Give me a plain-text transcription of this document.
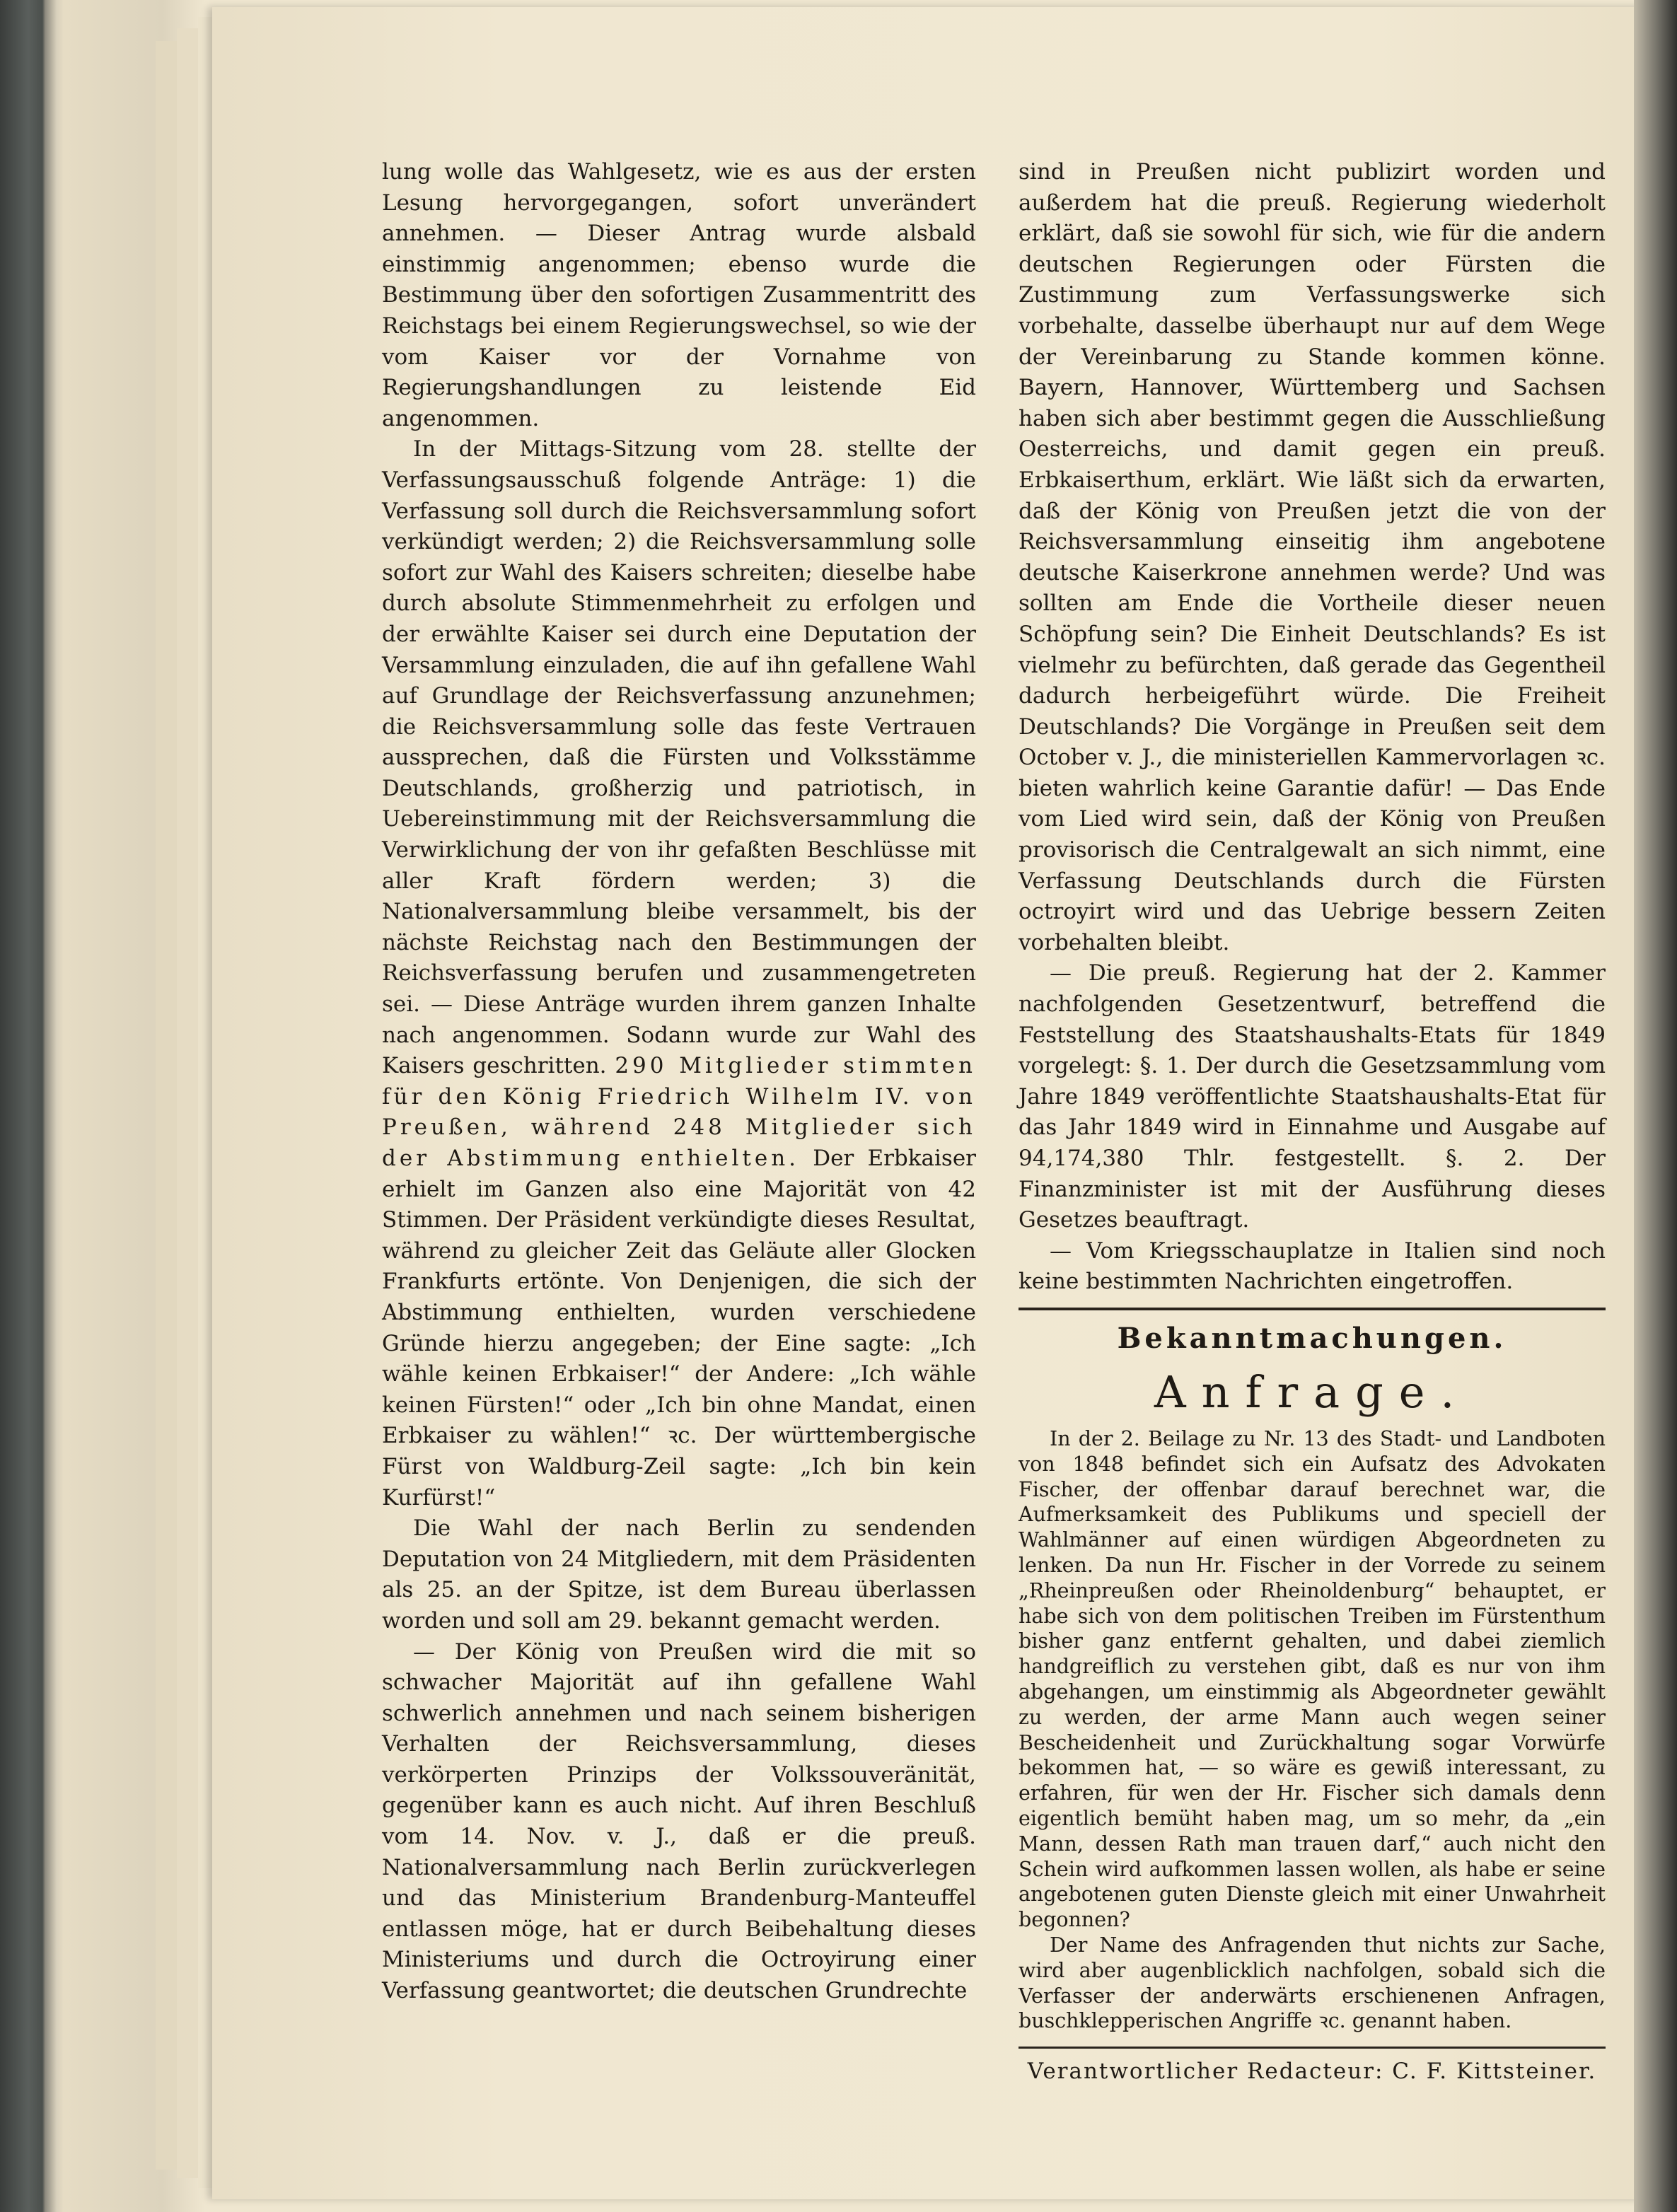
lung wolle das Wahlgesetz, wie es aus der ersten Lesung hervorgegangen, sofort unverändert annehmen. — Dieser Antrag wurde alsbald einstimmig angenommen; ebenso wurde die Bestimmung über den sofortigen Zusammentritt des Reichstags bei einem Regierungswechsel, so wie der vom Kaiser vor der Vornahme von Regierungshandlungen zu leistende Eid angenommen.

In der Mittags-Sitzung vom 28. stellte der Verfassungsausschuß folgende Anträge: 1) die Verfassung soll durch die Reichsversammlung sofort verkündigt werden; 2) die Reichsversammlung solle sofort zur Wahl des Kaisers schreiten; dieselbe habe durch absolute Stimmenmehrheit zu erfolgen und der erwählte Kaiser sei durch eine Deputation der Versammlung einzuladen, die auf ihn gefallene Wahl auf Grundlage der Reichsverfassung anzunehmen; die Reichsversammlung solle das feste Vertrauen aussprechen, daß die Fürsten und Volksstämme Deutschlands, großherzig und patriotisch, in Uebereinstimmung mit der Reichsversammlung die Verwirklichung der von ihr gefaßten Beschlüsse mit aller Kraft fördern werden; 3) die Nationalversammlung bleibe versammelt, bis der nächste Reichstag nach den Bestimmungen der Reichsverfassung berufen und zusammengetreten sei. — Diese Anträge wurden ihrem ganzen Inhalte nach angenommen. Sodann wurde zur Wahl des Kaisers geschritten. 290 Mitglieder stimmten für den König Friedrich Wilhelm IV. von Preußen, während 248 Mitglieder sich der Abstimmung enthielten. Der Erbkaiser erhielt im Ganzen also eine Majorität von 42 Stimmen. Der Präsident verkündigte dieses Resultat, während zu gleicher Zeit das Geläute aller Glocken Frankfurts ertönte. Von Denjenigen, die sich der Abstimmung enthielten, wurden verschiedene Gründe hierzu angegeben; der Eine sagte: „Ich wähle keinen Erbkaiser!“ der Andere: „Ich wähle keinen Fürsten!“ oder „Ich bin ohne Mandat, einen Erbkaiser zu wählen!“ ꝛc. Der württembergische Fürst von Waldburg-Zeil sagte: „Ich bin kein Kurfürst!“

Die Wahl der nach Berlin zu sendenden Deputation von 24 Mitgliedern, mit dem Präsidenten als 25. an der Spitze, ist dem Bureau überlassen worden und soll am 29. bekannt gemacht werden.

— Der König von Preußen wird die mit so schwacher Majorität auf ihn gefallene Wahl schwerlich annehmen und nach seinem bisherigen Verhalten der Reichsversammlung, dieses verkörperten Prinzips der Volkssouveränität, gegenüber kann es auch nicht. Auf ihren Beschluß vom 14. Nov. v. J., daß er die preuß. Nationalversammlung nach Berlin zurückverlegen und das Ministerium Brandenburg-Manteuffel entlassen möge, hat er durch Beibehaltung dieses Ministeriums und durch die Octroyirung einer Verfassung geantwortet; die deutschen Grundrechte

sind in Preußen nicht publizirt worden und außerdem hat die preuß. Regierung wiederholt erklärt, daß sie sowohl für sich, wie für die andern deutschen Regierungen oder Fürsten die Zustimmung zum Verfassungswerke sich vorbehalte, dasselbe überhaupt nur auf dem Wege der Vereinbarung zu Stande kommen könne. Bayern, Hannover, Württemberg und Sachsen haben sich aber bestimmt gegen die Ausschließung Oesterreichs, und damit gegen ein preuß. Erbkaiserthum, erklärt. Wie läßt sich da erwarten, daß der König von Preußen jetzt die von der Reichsversammlung einseitig ihm angebotene deutsche Kaiserkrone annehmen werde? Und was sollten am Ende die Vortheile dieser neuen Schöpfung sein? Die Einheit Deutschlands? Es ist vielmehr zu befürchten, daß gerade das Gegentheil dadurch herbeigeführt würde. Die Freiheit Deutschlands? Die Vorgänge in Preußen seit dem October v. J., die ministeriellen Kammervorlagen ꝛc. bieten wahrlich keine Garantie dafür! — Das Ende vom Lied wird sein, daß der König von Preußen provisorisch die Centralgewalt an sich nimmt, eine Verfassung Deutschlands durch die Fürsten octroyirt wird und das Uebrige bessern Zeiten vorbehalten bleibt.

— Die preuß. Regierung hat der 2. Kammer nachfolgenden Gesetzentwurf, betreffend die Feststellung des Staatshaushalts-Etats für 1849 vorgelegt: §. 1. Der durch die Gesetzsammlung vom Jahre 1849 veröffentlichte Staatshaushalts-Etat für das Jahr 1849 wird in Einnahme und Ausgabe auf 94,174,380 Thlr. festgestellt. §. 2. Der Finanzminister ist mit der Ausführung dieses Gesetzes beauftragt.

— Vom Kriegsschauplatze in Italien sind noch keine bestimmten Nachrichten eingetroffen.

Bekanntmachungen.
Anfrage.

In der 2. Beilage zu Nr. 13 des Stadt- und Landboten von 1848 befindet sich ein Aufsatz des Advokaten Fischer, der offenbar darauf berechnet war, die Aufmerksamkeit des Publikums und speciell der Wahlmänner auf einen würdigen Abgeordneten zu lenken. Da nun Hr. Fischer in der Vorrede zu seinem „Rheinpreußen oder Rheinoldenburg“ behauptet, er habe sich von dem politischen Treiben im Fürstenthum bisher ganz entfernt gehalten, und dabei ziemlich handgreiflich zu verstehen gibt, daß es nur von ihm abgehangen, um einstimmig als Abgeordneter gewählt zu werden, der arme Mann auch wegen seiner Bescheidenheit und Zurückhaltung sogar Vorwürfe bekommen hat, — so wäre es gewiß interessant, zu erfahren, für wen der Hr. Fischer sich damals denn eigentlich bemüht haben mag, um so mehr, da „ein Mann, dessen Rath man trauen darf,“ auch nicht den Schein wird aufkommen lassen wollen, als habe er seine angebotenen guten Dienste gleich mit einer Unwahrheit begonnen?

Der Name des Anfragenden thut nichts zur Sache, wird aber augenblicklich nachfolgen, sobald sich die Verfasser der anderwärts erschienenen Anfragen, buschklepperischen Angriffe ꝛc. genannt haben.

Verantwortlicher Redacteur: C. F. Kittsteiner.
